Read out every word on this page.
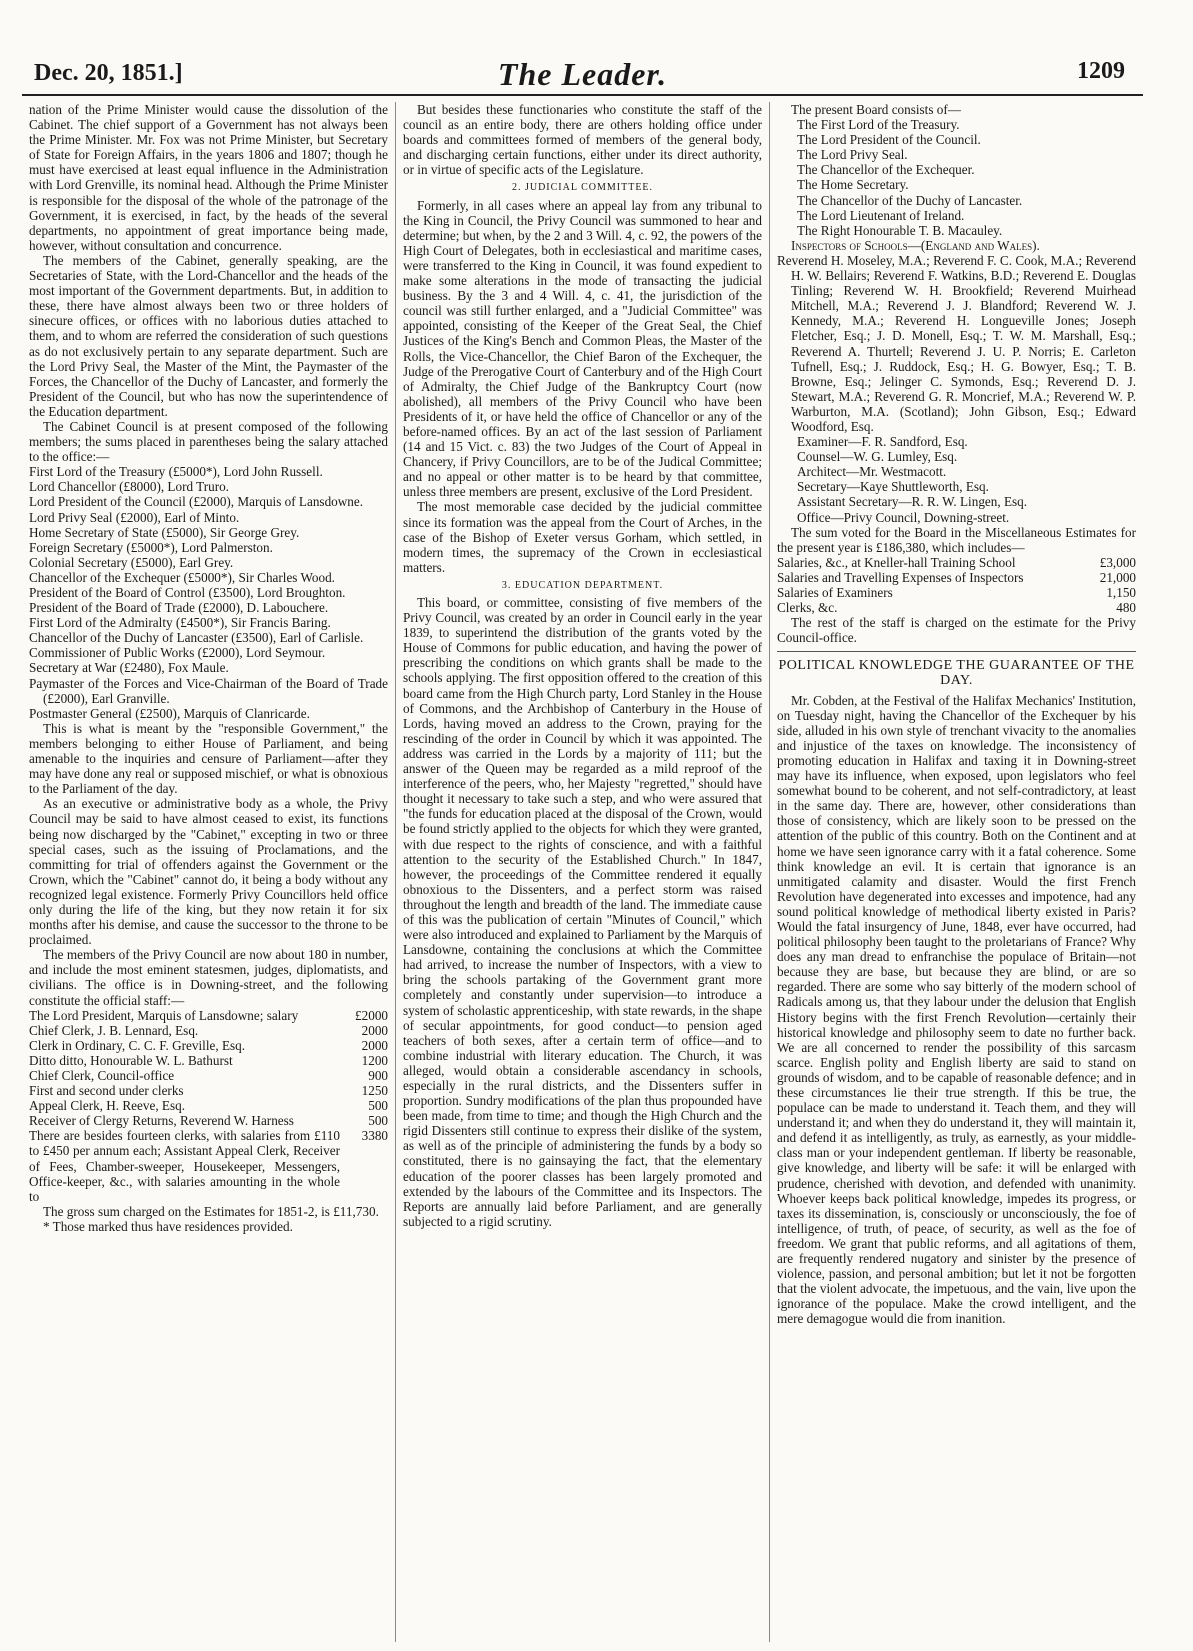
Dec. 20, 1851.]	The Leader.	1209

nation of the Prime Minister would cause the dissolution of the Cabinet. The chief support of a Government has not always been the Prime Minister. Mr. Fox was not Prime Minister, but Secretary of State for Foreign Affairs, in the years 1806 and 1807; though he must have exercised at least equal influence in the Administration with Lord Grenville, its nominal head. Although the Prime Minister is responsible for the disposal of the whole of the patronage of the Government, it is exercised, in fact, by the heads of the several departments, no appointment of great importance being made, however, without consultation and concurrence.

The members of the Cabinet, generally speaking, are the Secretaries of State, with the Lord-Chancellor and the heads of the most important of the Government departments. But, in addition to these, there have almost always been two or three holders of sinecure offices, or offices with no laborious duties attached to them, and to whom are referred the consideration of such questions as do not exclusively pertain to any separate department. Such are the Lord Privy Seal, the Master of the Mint, the Paymaster of the Forces, the Chancellor of the Duchy of Lancaster, and formerly the President of the Council, but who has now the superintendence of the Education department.

The Cabinet Council is at present composed of the following members; the sums placed in parentheses being the salary attached to the office:—

First Lord of the Treasury (£5000*), Lord John Russell.

Lord Chancellor (£8000), Lord Truro.

Lord President of the Council (£2000), Marquis of Lansdowne.

Lord Privy Seal (£2000), Earl of Minto.

Home Secretary of State (£5000), Sir George Grey.

Foreign Secretary (£5000*), Lord Palmerston.

Colonial Secretary (£5000), Earl Grey.

Chancellor of the Exchequer (£5000*), Sir Charles Wood.

President of the Board of Control (£3500), Lord Broughton.

President of the Board of Trade (£2000), D. Labouchere.

First Lord of the Admiralty (£4500*), Sir Francis Baring.

Chancellor of the Duchy of Lancaster (£3500), Earl of Carlisle.

Commissioner of Public Works (£2000), Lord Seymour.

Secretary at War (£2480), Fox Maule.

Paymaster of the Forces and Vice-Chairman of the Board of Trade (£2000), Earl Granville.

Postmaster General (£2500), Marquis of Clanricarde.

This is what is meant by the "responsible Government," the members belonging to either House of Parliament, and being amenable to the inquiries and censure of Parliament—after they may have done any real or supposed mischief, or what is obnoxious to the Parliament of the day.

As an executive or administrative body as a whole, the Privy Council may be said to have almost ceased to exist, its functions being now discharged by the "Cabinet," excepting in two or three special cases, such as the issuing of Proclamations, and the committing for trial of offenders against the Government or the Crown, which the "Cabinet" cannot do, it being a body without any recognized legal existence. Formerly Privy Councillors held office only during the life of the king, but they now retain it for six months after his demise, and cause the successor to the throne to be proclaimed.

The members of the Privy Council are now about 180 in number, and include the most eminent statesmen, judges, diplomatists, and civilians. The office is in Downing-street, and the following constitute the official staff:—

The Lord President, Marquis of Lansdowne; salary	£2000
Chief Clerk, J. B. Lennard, Esq.	2000
Clerk in Ordinary, C. C. F. Greville, Esq.	2000
Ditto ditto, Honourable W. L. Bathurst	1200
Chief Clerk, Council-office	900
First and second under clerks	1250
Appeal Clerk, H. Reeve, Esq.	500
Receiver of Clergy Returns, Reverend W. Harness	500
There are besides fourteen clerks, with salaries from £110 to £450 per annum each; Assistant Appeal Clerk, Receiver of Fees, Chamber-sweeper, Housekeeper, Messengers, Office-keeper, &c., with salaries amounting in the whole to
3380

The gross sum charged on the Estimates for 1851-2, is £11,730.

* Those marked thus have residences provided.

But besides these functionaries who constitute the staff of the council as an entire body, there are others holding office under boards and committees formed of members of the general body, and discharging certain functions, either under its direct authority, or in virtue of specific acts of the Legislature.

2. JUDICIAL COMMITTEE.

Formerly, in all cases where an appeal lay from any tribunal to the King in Council, the Privy Council was summoned to hear and determine; but when, by the 2 and 3 Will. 4, c. 92, the powers of the High Court of Delegates, both in ecclesiastical and maritime cases, were transferred to the King in Council, it was found expedient to make some alterations in the mode of transacting the judicial business. By the 3 and 4 Will. 4, c. 41, the jurisdiction of the council was still further enlarged, and a "Judicial Committee" was appointed, consisting of the Keeper of the Great Seal, the Chief Justices of the King's Bench and Common Pleas, the Master of the Rolls, the Vice-Chancellor, the Chief Baron of the Exchequer, the Judge of the Prerogative Court of Canterbury and of the High Court of Admiralty, the Chief Judge of the Bankruptcy Court (now abolished), all members of the Privy Council who have been Presidents of it, or have held the office of Chancellor or any of the before-named offices. By an act of the last session of Parliament (14 and 15 Vict. c. 83) the two Judges of the Court of Appeal in Chancery, if Privy Councillors, are to be of the Judical Committee; and no appeal or other matter is to be heard by that committee, unless three members are present, exclusive of the Lord President.

The most memorable case decided by the judicial committee since its formation was the appeal from the Court of Arches, in the case of the Bishop of Exeter versus Gorham, which settled, in modern times, the supremacy of the Crown in ecclesiastical matters.

3. EDUCATION DEPARTMENT.

This board, or committee, consisting of five members of the Privy Council, was created by an order in Council early in the year 1839, to superintend the distribution of the grants voted by the House of Commons for public education, and having the power of prescribing the conditions on which grants shall be made to the schools applying. The first opposition offered to the creation of this board came from the High Church party, Lord Stanley in the House of Commons, and the Archbishop of Canterbury in the House of Lords, having moved an address to the Crown, praying for the rescinding of the order in Council by which it was appointed. The address was carried in the Lords by a majority of 111; but the answer of the Queen may be regarded as a mild reproof of the interference of the peers, who, her Majesty "regretted," should have thought it necessary to take such a step, and who were assured that "the funds for education placed at the disposal of the Crown, would be found strictly applied to the objects for which they were granted, with due respect to the rights of conscience, and with a faithful attention to the security of the Established Church." In 1847, however, the proceedings of the Committee rendered it equally obnoxious to the Dissenters, and a perfect storm was raised throughout the length and breadth of the land. The immediate cause of this was the publication of certain "Minutes of Council," which were also introduced and explained to Parliament by the Marquis of Lansdowne, containing the conclusions at which the Committee had arrived, to increase the number of Inspectors, with a view to bring the schools partaking of the Government grant more completely and constantly under supervision—to introduce a system of scholastic apprenticeship, with state rewards, in the shape of secular appointments, for good conduct—to pension aged teachers of both sexes, after a certain term of office—and to combine industrial with literary education. The Church, it was alleged, would obtain a considerable ascendancy in schools, especially in the rural districts, and the Dissenters suffer in proportion. Sundry modifications of the plan thus propounded have been made, from time to time; and though the High Church and the rigid Dissenters still continue to express their dislike of the system, as well as of the principle of administering the funds by a body so constituted, there is no gainsaying the fact, that the elementary education of the poorer classes has been largely promoted and extended by the labours of the Committee and its Inspectors. The Reports are annually laid before Parliament, and are generally subjected to a rigid scrutiny.

The present Board consists of—

The First Lord of the Treasury.

The Lord President of the Council.

The Lord Privy Seal.

The Chancellor of the Exchequer.

The Home Secretary.

The Chancellor of the Duchy of Lancaster.

The Lord Lieutenant of Ireland.

The Right Honourable T. B. Macauley.

Inspectors of Schools—(England and Wales).

Reverend H. Moseley, M.A.; Reverend F. C. Cook, M.A.; Reverend H. W. Bellairs; Reverend F. Watkins, B.D.; Reverend E. Douglas Tinling; Reverend W. H. Brookfield; Reverend Muirhead Mitchell, M.A.; Reverend J. J. Blandford; Reverend W. J. Kennedy, M.A.; Reverend H. Longueville Jones; Joseph Fletcher, Esq.; J. D. Monell, Esq.; T. W. M. Marshall, Esq.; Reverend A. Thurtell; Reverend J. U. P. Norris; E. Carleton Tufnell, Esq.; J. Ruddock, Esq.; H. G. Bowyer, Esq.; T. B. Browne, Esq.; Jelinger C. Symonds, Esq.; Reverend D. J. Stewart, M.A.; Reverend G. R. Moncrief, M.A.; Reverend W. P. Warburton, M.A. (Scotland); John Gibson, Esq.; Edward Woodford, Esq.

Examiner—F. R. Sandford, Esq.

Counsel—W. G. Lumley, Esq.

Architect—Mr. Westmacott.

Secretary—Kaye Shuttleworth, Esq.

Assistant Secretary—R. R. W. Lingen, Esq.

Office—Privy Council, Downing-street.

The sum voted for the Board in the Miscellaneous Estimates for the present year is £186,380, which includes—

Salaries, &c., at Kneller-hall Training School	£3,000
Salaries and Travelling Expenses of Inspectors	21,000
Salaries of Examiners	1,150
Clerks, &c.	480

The rest of the staff is charged on the estimate for the Privy Council-office.

POLITICAL KNOWLEDGE THE GUARANTEE OF THE DAY.

Mr. Cobden, at the Festival of the Halifax Mechanics' Institution, on Tuesday night, having the Chancellor of the Exchequer by his side, alluded in his own style of trenchant vivacity to the anomalies and injustice of the taxes on knowledge. The inconsistency of promoting education in Halifax and taxing it in Downing-street may have its influence, when exposed, upon legislators who feel somewhat bound to be coherent, and not self-contradictory, at least in the same day. There are, however, other considerations than those of consistency, which are likely soon to be pressed on the attention of the public of this country. Both on the Continent and at home we have seen ignorance carry with it a fatal coherence. Some think knowledge an evil. It is certain that ignorance is an unmitigated calamity and disaster. Would the first French Revolution have degenerated into excesses and impotence, had any sound political knowledge of methodical liberty existed in Paris? Would the fatal insurgency of June, 1848, ever have occurred, had political philosophy been taught to the proletarians of France? Why does any man dread to enfranchise the populace of Britain—not because they are base, but because they are blind, or are so regarded. There are some who say bitterly of the modern school of Radicals among us, that they labour under the delusion that English History begins with the first French Revolution—certainly their historical knowledge and philosophy seem to date no further back. We are all concerned to render the possibility of this sarcasm scarce. English polity and English liberty are said to stand on grounds of wisdom, and to be capable of reasonable defence; and in these circumstances lie their true strength. If this be true, the populace can be made to understand it. Teach them, and they will understand it; and when they do understand it, they will maintain it, and defend it as intelligently, as truly, as earnestly, as your middle-class man or your independent gentleman. If liberty be reasonable, give knowledge, and liberty will be safe: it will be enlarged with prudence, cherished with devotion, and defended with unanimity. Whoever keeps back political knowledge, impedes its progress, or taxes its dissemination, is, consciously or unconsciously, the foe of intelligence, of truth, of peace, of security, as well as the foe of freedom. We grant that public reforms, and all agitations of them, are frequently rendered nugatory and sinister by the presence of violence, passion, and personal ambition; but let it not be forgotten that the violent advocate, the impetuous, and the vain, live upon the ignorance of the populace. Make the crowd intelligent, and the mere demagogue would die from inanition.
